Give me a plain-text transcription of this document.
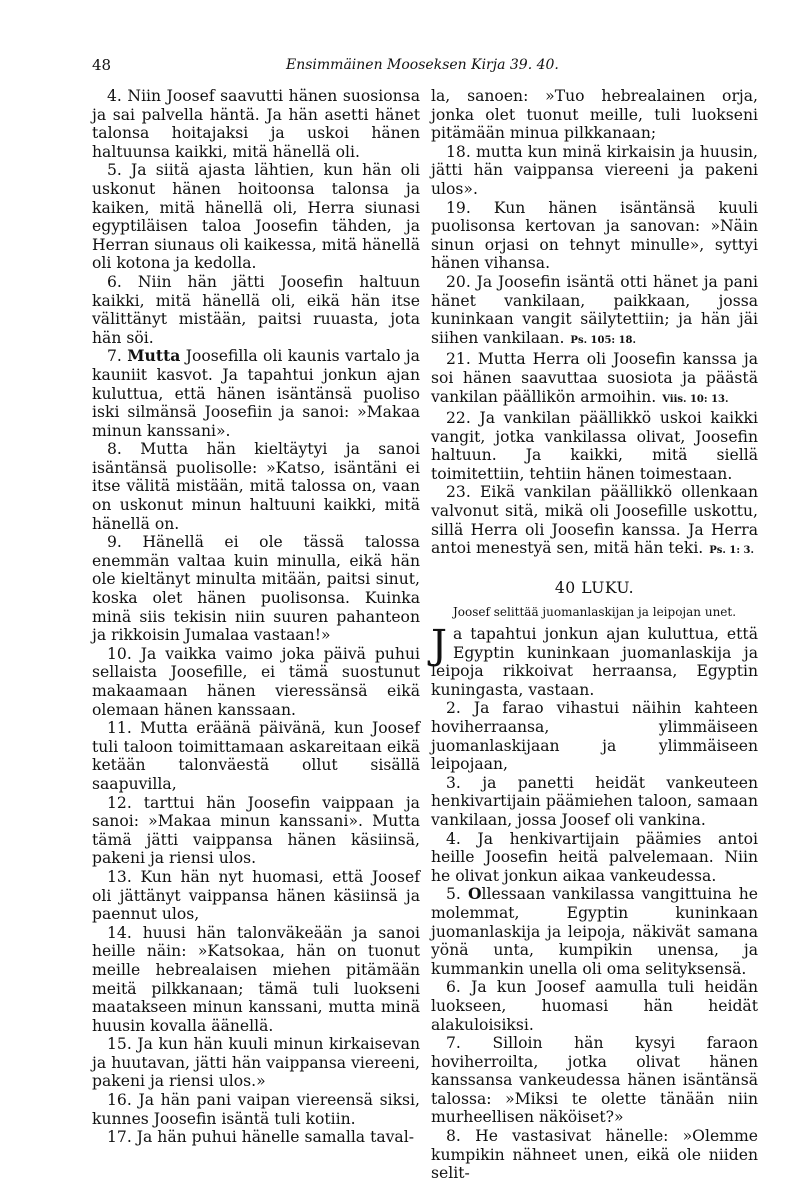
48	Ensimmäinen Mooseksen Kirja 39. 40.

4. Niin Joosef saavutti hänen suosionsa ja sai palvella häntä. Ja hän asetti hänet talonsa hoitajaksi ja uskoi hänen haltuunsa kaikki, mitä hänellä oli.

5. Ja siitä ajasta lähtien, kun hän oli uskonut hänen hoitoonsa talonsa ja kaiken, mitä hänellä oli, Herra siunasi egyptiläisen taloa Joosefin tähden, ja Herran siunaus oli kaikessa, mitä hänellä oli kotona ja kedolla.

6. Niin hän jätti Joosefin haltuun kaikki, mitä hänellä oli, eikä hän itse välittänyt mistään, paitsi ruuasta, jota hän söi.

7. Mutta Joosefilla oli kaunis vartalo ja kauniit kasvot. Ja tapahtui jonkun ajan kuluttua, että hänen isäntänsä puoliso iski silmänsä Joosefiin ja sanoi: »Makaa minun kanssani».

8. Mutta hän kieltäytyi ja sanoi isäntänsä puolisolle: »Katso, isäntäni ei itse välitä mistään, mitä talossa on, vaan on uskonut minun haltuuni kaikki, mitä hänellä on.

9. Hänellä ei ole tässä talossa enemmän valtaa kuin minulla, eikä hän ole kieltänyt minulta mitään, paitsi sinut, koska olet hänen puolisonsa. Kuinka minä siis tekisin niin suuren pahanteon ja rikkoisin Jumalaa vastaan!»

10. Ja vaikka vaimo joka päivä puhui sellaista Joosefille, ei tämä suostunut makaamaan hänen vieressänsä eikä olemaan hänen kanssaan.

11. Mutta eräänä päivänä, kun Joosef tuli taloon toimittamaan askareitaan eikä ketään talonväestä ollut sisällä saapuvilla,

12. tarttui hän Joosefin vaippaan ja sanoi: »Makaa minun kanssani». Mutta tämä jätti vaippansa hänen käsiinsä, pakeni ja riensi ulos.

13. Kun hän nyt huomasi, että Joosef oli jättänyt vaippansa hänen käsiinsä ja paennut ulos,

14. huusi hän talonväkeään ja sanoi heille näin: »Katsokaa, hän on tuonut meille hebrealaisen miehen pitämään meitä pilkkanaan; tämä tuli luokseni maatakseen minun kanssani, mutta minä huusin kovalla äänellä.

15. Ja kun hän kuuli minun kirkaisevan ja huutavan, jätti hän vaippansa viereeni, pakeni ja riensi ulos.»

16. Ja hän pani vaipan viereensä siksi, kunnes Joosefin isäntä tuli kotiin.

17. Ja hän puhui hänelle samalla taval-

la, sanoen: »Tuo hebrealainen orja, jonka olet tuonut meille, tuli luokseni pitämään minua pilkkanaan;

18. mutta kun minä kirkaisin ja huusin, jätti hän vaippansa viereeni ja pakeni ulos».

19. Kun hänen isäntänsä kuuli puolisonsa kertovan ja sanovan: »Näin sinun orjasi on tehnyt minulle», syttyi hänen vihansa.

20. Ja Joosefin isäntä otti hänet ja pani hänet vankilaan, paikkaan, jossa kuninkaan vangit säilytettiin; ja hän jäi siihen vankilaan. Ps. 105: 18.

21. Mutta Herra oli Joosefin kanssa ja soi hänen saavuttaa suosiota ja päästä vankilan päällikön armoihin. Viis. 10: 13.

22. Ja vankilan päällikkö uskoi kaikki vangit, jotka vankilassa olivat, Joosefin haltuun. Ja kaikki, mitä siellä toimitettiin, tehtiin hänen toimestaan.

23. Eikä vankilan päällikkö ollenkaan valvonut sitä, mikä oli Joosefille uskottu, sillä Herra oli Joosefin kanssa. Ja Herra antoi menestyä sen, mitä hän teki. Ps. 1: 3.

40 LUKU.
Joosef selittää juomanlaskijan ja leipojan unet.

Ja tapahtui jonkun ajan kuluttua, että Egyptin kuninkaan juomanlaskija ja leipoja rikkoivat herraansa, Egyptin kuningasta, vastaan.

2. Ja farao vihastui näihin kahteen hoviherraansa, ylimmäiseen juomanlaskijaan ja ylimmäiseen leipojaan,

3. ja panetti heidät vankeuteen henkivartijain päämiehen taloon, samaan vankilaan, jossa Joosef oli vankina.

4. Ja henkivartijain päämies antoi heille Joosefin heitä palvelemaan. Niin he olivat jonkun aikaa vankeudessa.

5. Ollessaan vankilassa vangittuina he molemmat, Egyptin kuninkaan juomanlaskija ja leipoja, näkivät samana yönä unta, kumpikin unensa, ja kummankin unella oli oma selityksensä.

6. Ja kun Joosef aamulla tuli heidän luokseen, huomasi hän heidät alakuloisiksi.

7. Silloin hän kysyi faraon hoviherroilta, jotka olivat hänen kanssansa vankeudessa hänen isäntänsä talossa: »Miksi te olette tänään niin murheellisen näköiset?»

8. He vastasivat hänelle: »Olemme kumpikin nähneet unen, eikä ole niiden selit-
